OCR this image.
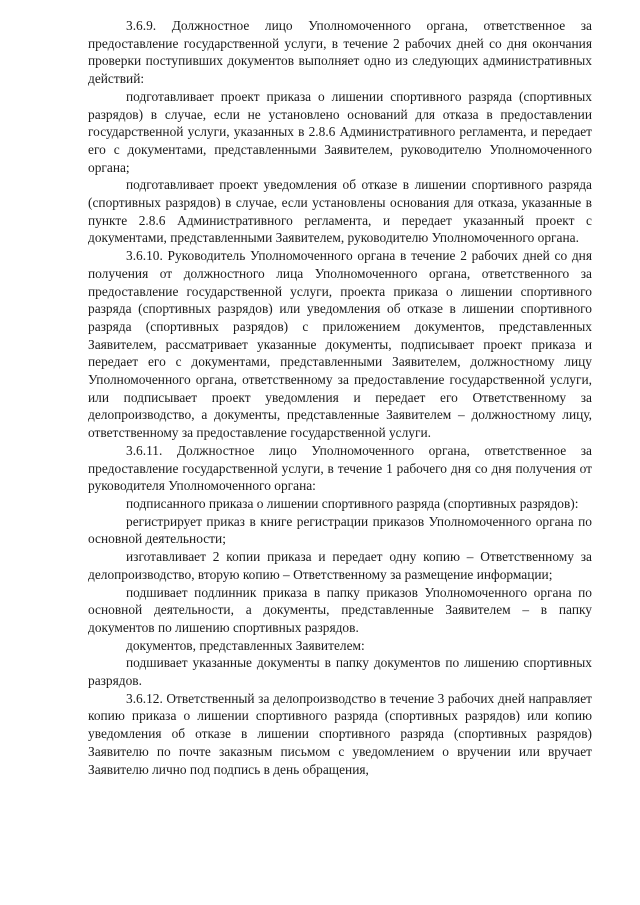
3.6.9. Должностное лицо Уполномоченного органа, ответственное за предоставление государственной услуги, в течение 2 рабочих дней со дня окончания проверки поступивших документов выполняет одно из следующих административных действий:

подготавливает проект приказа о лишении спортивного разряда (спортивных разрядов) в случае, если не установлено оснований для отказа в предоставлении государственной услуги, указанных в 2.8.6 Административного регламента, и передает его с документами, представленными Заявителем, руководителю Уполномоченного органа;

подготавливает проект уведомления об отказе в лишении спортивного разряда (спортивных разрядов) в случае, если установлены основания для отказа, указанные в пункте 2.8.6 Административного регламента, и передает указанный проект с документами, представленными Заявителем, руководителю Уполномоченного органа.

3.6.10. Руководитель Уполномоченного органа в течение 2 рабочих дней со дня получения от должностного лица Уполномоченного органа, ответственного за предоставление государственной услуги, проекта приказа о лишении спортивного разряда (спортивных разрядов) или уведомления об отказе в лишении спортивного разряда (спортивных разрядов) с приложением документов, представленных Заявителем, рассматривает указанные документы, подписывает проект приказа и передает его с документами, представленными Заявителем, должностному лицу Уполномоченного органа, ответственному за предоставление государственной услуги, или подписывает проект уведомления и передает его Ответственному за делопроизводство, а документы, представленные Заявителем – должностному лицу, ответственному за предоставление государственной услуги.

3.6.11. Должностное лицо Уполномоченного органа, ответственное за предоставление государственной услуги, в течение 1 рабочего дня со дня получения от руководителя Уполномоченного органа:

подписанного приказа о лишении спортивного разряда (спортивных разрядов):

регистрирует приказ в книге регистрации приказов Уполномоченного органа по основной деятельности;

изготавливает 2 копии приказа и передает одну копию – Ответственному за делопроизводство, вторую копию – Ответственному за размещение информации;

подшивает подлинник приказа в папку приказов Уполномоченного органа по основной деятельности, а документы, представленные Заявителем – в папку документов по лишению спортивных разрядов.

документов, представленных Заявителем:

подшивает указанные документы в папку документов по лишению спортивных разрядов.

3.6.12. Ответственный за делопроизводство в течение 3 рабочих дней направляет копию приказа о лишении спортивного разряда (спортивных разрядов) или копию уведомления об отказе в лишении спортивного разряда (спортивных разрядов) Заявителю по почте заказным письмом с уведомлением о вручении или вручает Заявителю лично под подпись в день обращения,
